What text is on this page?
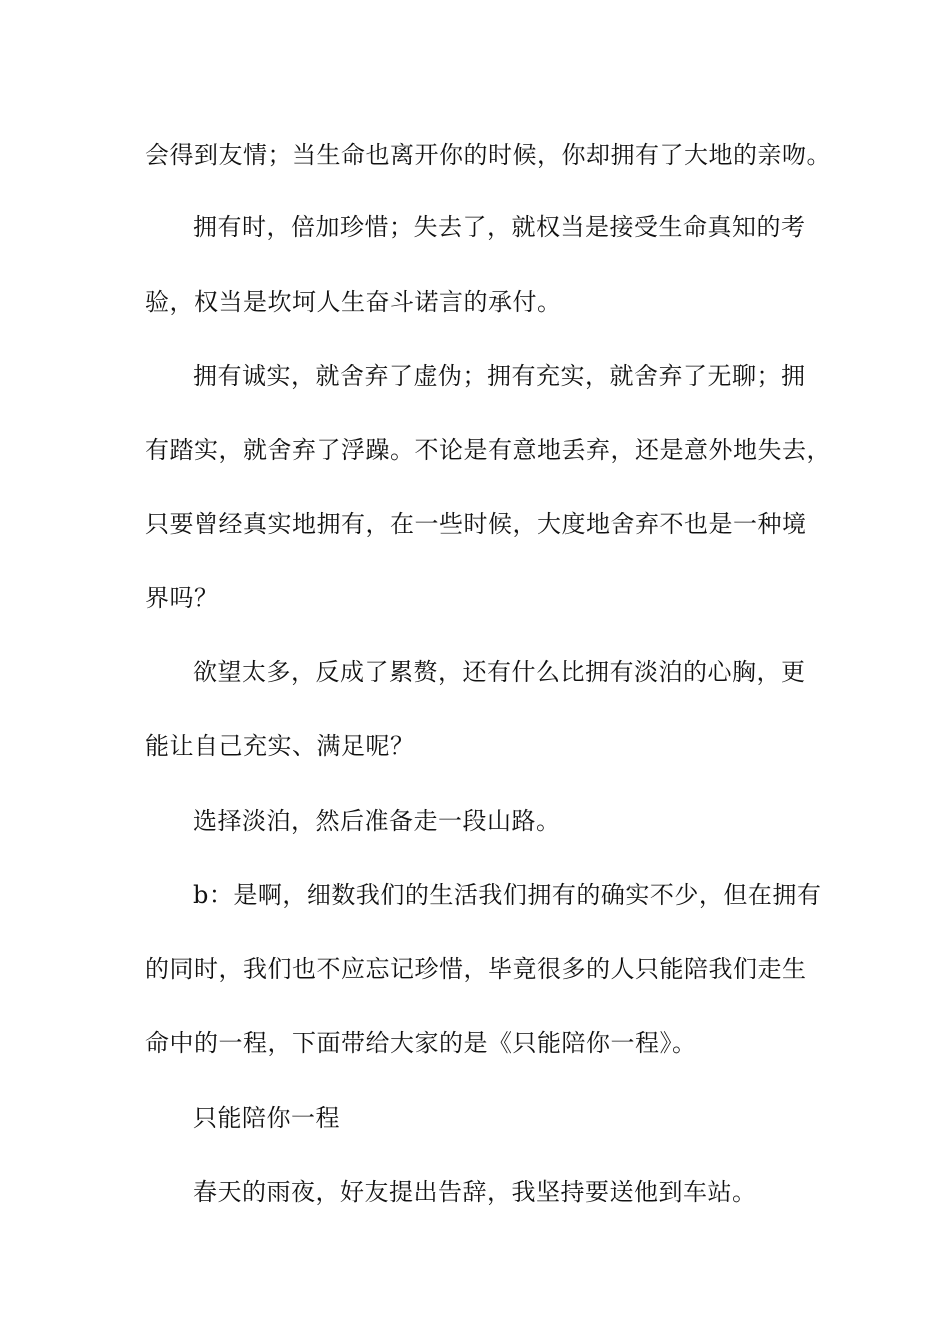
会得到友情；当生命也离开你的时候，你却拥有了大地的亲吻。
拥有时，倍加珍惜；失去了，就权当是接受生命真知的考
验，权当是坎坷人生奋斗诺言的承付。
拥有诚实，就舍弃了虚伪；拥有充实，就舍弃了无聊；拥
有踏实，就舍弃了浮躁。不论是有意地丢弃，还是意外地失去，
只要曾经真实地拥有，在一些时候，大度地舍弃不也是一种境
界吗？
欲望太多，反成了累赘，还有什么比拥有淡泊的心胸，更
能让自己充实、满足呢？
选择淡泊，然后准备走一段山路。
b：是啊，细数我们的生活我们拥有的确实不少，但在拥有
的同时，我们也不应忘记珍惜，毕竟很多的人只能陪我们走生
命中的一程，下面带给大家的是《只能陪你一程》。
只能陪你一程
春天的雨夜，好友提出告辞，我坚持要送他到车站。
